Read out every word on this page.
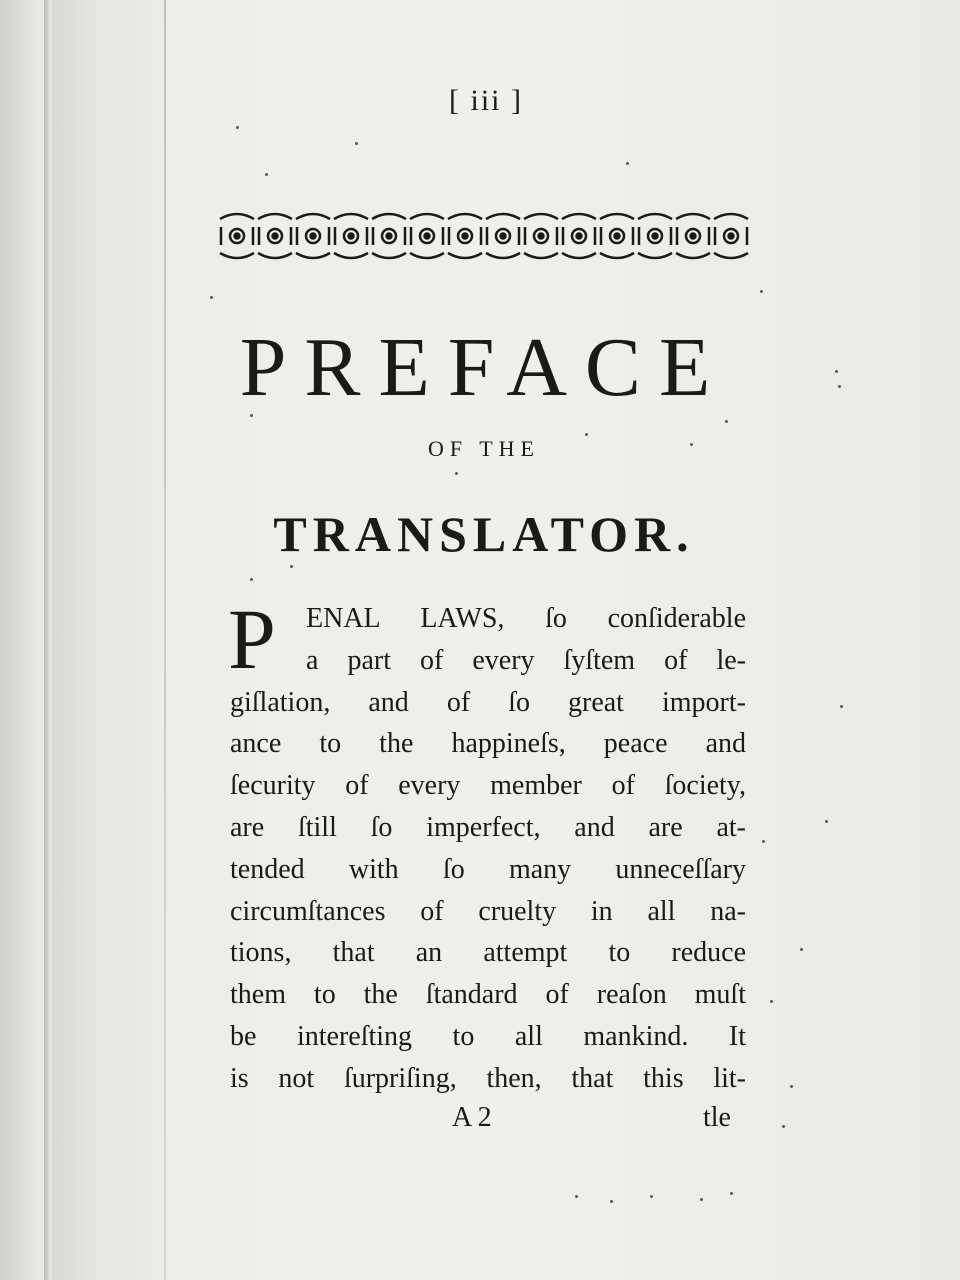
[ iii ]
PREFACE
OF THE
TRANSLATOR.
P	ENAL LAWS, ſo conſiderable
a part of every ſyſtem of le-
giſlation, and of ſo great import-
ance to the happineſs, peace and
ſecurity of every member of ſociety,
are ſtill ſo imperfect, and are at-
tended with ſo many unneceſſary
circumſtances of cruelty in all na-
tions, that an attempt to reduce
them to the ſtandard of reaſon muſt
be intereſting to all mankind. It
is not ſurpriſing, then, that this lit-
A 2	tle
